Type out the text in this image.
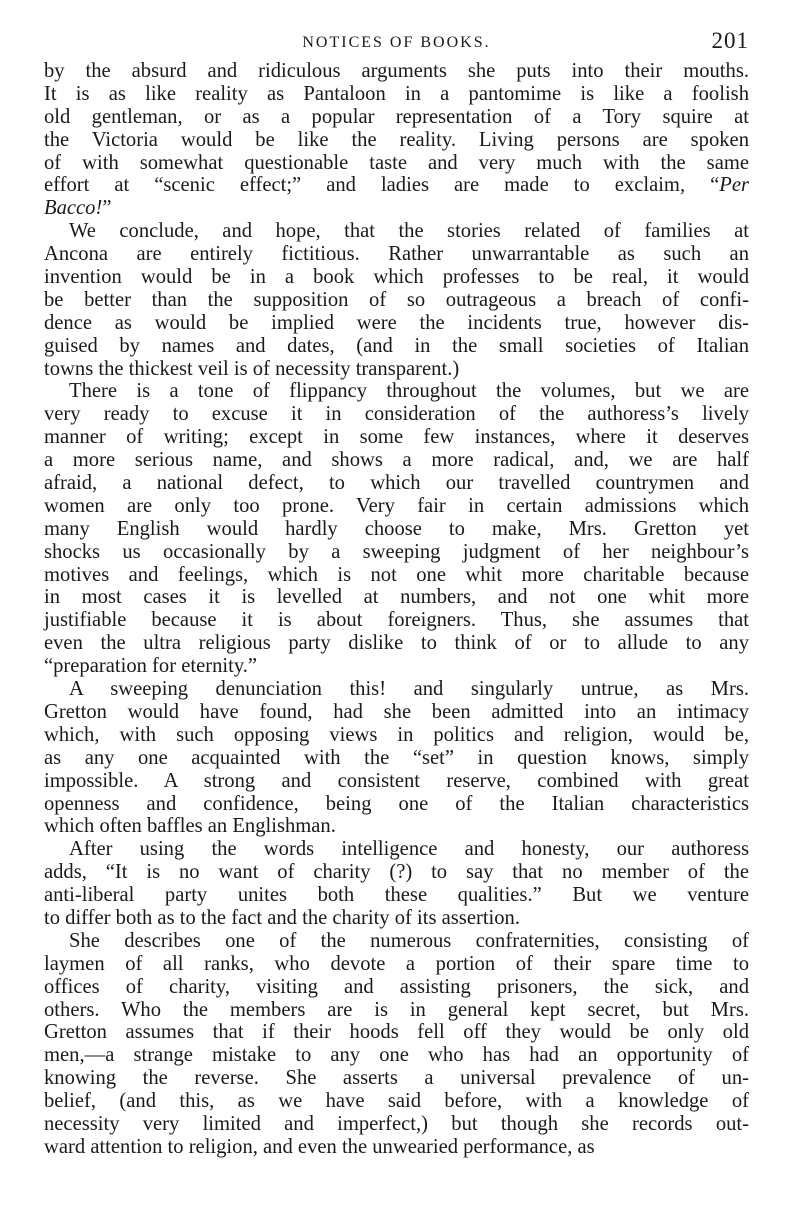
NOTICES OF BOOKS.	201
by the absurd and ridiculous arguments she puts into their mouths.
It is as like reality as Pantaloon in a pantomime is like a foolish
old gentleman, or as a popular representation of a Tory squire at
the Victoria would be like the reality. Living persons are spoken
of with somewhat questionable taste and very much with the same
effort at “scenic effect;” and ladies are made to exclaim, “Per
Bacco!”
We conclude, and hope, that the stories related of families at
Ancona are entirely fictitious. Rather unwarrantable as such an
invention would be in a book which professes to be real, it would
be better than the supposition of so outrageous a breach of confi-
dence as would be implied were the incidents true, however dis-
guised by names and dates, (and in the small societies of Italian
towns the thickest veil is of necessity transparent.)
There is a tone of flippancy throughout the volumes, but we are
very ready to excuse it in consideration of the authoress’s lively
manner of writing; except in some few instances, where it deserves
a more serious name, and shows a more radical, and, we are half
afraid, a national defect, to which our travelled countrymen and
women are only too prone. Very fair in certain admissions which
many English would hardly choose to make, Mrs. Gretton yet
shocks us occasionally by a sweeping judgment of her neighbour’s
motives and feelings, which is not one whit more charitable because
in most cases it is levelled at numbers, and not one whit more
justifiable because it is about foreigners. Thus, she assumes that
even the ultra religious party dislike to think of or to allude to any
“preparation for eternity.”
A sweeping denunciation this! and singularly untrue, as Mrs.
Gretton would have found, had she been admitted into an intimacy
which, with such opposing views in politics and religion, would be,
as any one acquainted with the “set” in question knows, simply
impossible. A strong and consistent reserve, combined with great
openness and confidence, being one of the Italian characteristics
which often baffles an Englishman.
After using the words intelligence and honesty, our authoress
adds, “It is no want of charity (?) to say that no member of the
anti-liberal party unites both these qualities.” But we venture
to differ both as to the fact and the charity of its assertion.
She describes one of the numerous confraternities, consisting of
laymen of all ranks, who devote a portion of their spare time to
offices of charity, visiting and assisting prisoners, the sick, and
others. Who the members are is in general kept secret, but Mrs.
Gretton assumes that if their hoods fell off they would be only old
men,—a strange mistake to any one who has had an opportunity of
knowing the reverse. She asserts a universal prevalence of un-
belief, (and this, as we have said before, with a knowledge of
necessity very limited and imperfect,) but though she records out-
ward attention to religion, and even the unwearied performance, as
